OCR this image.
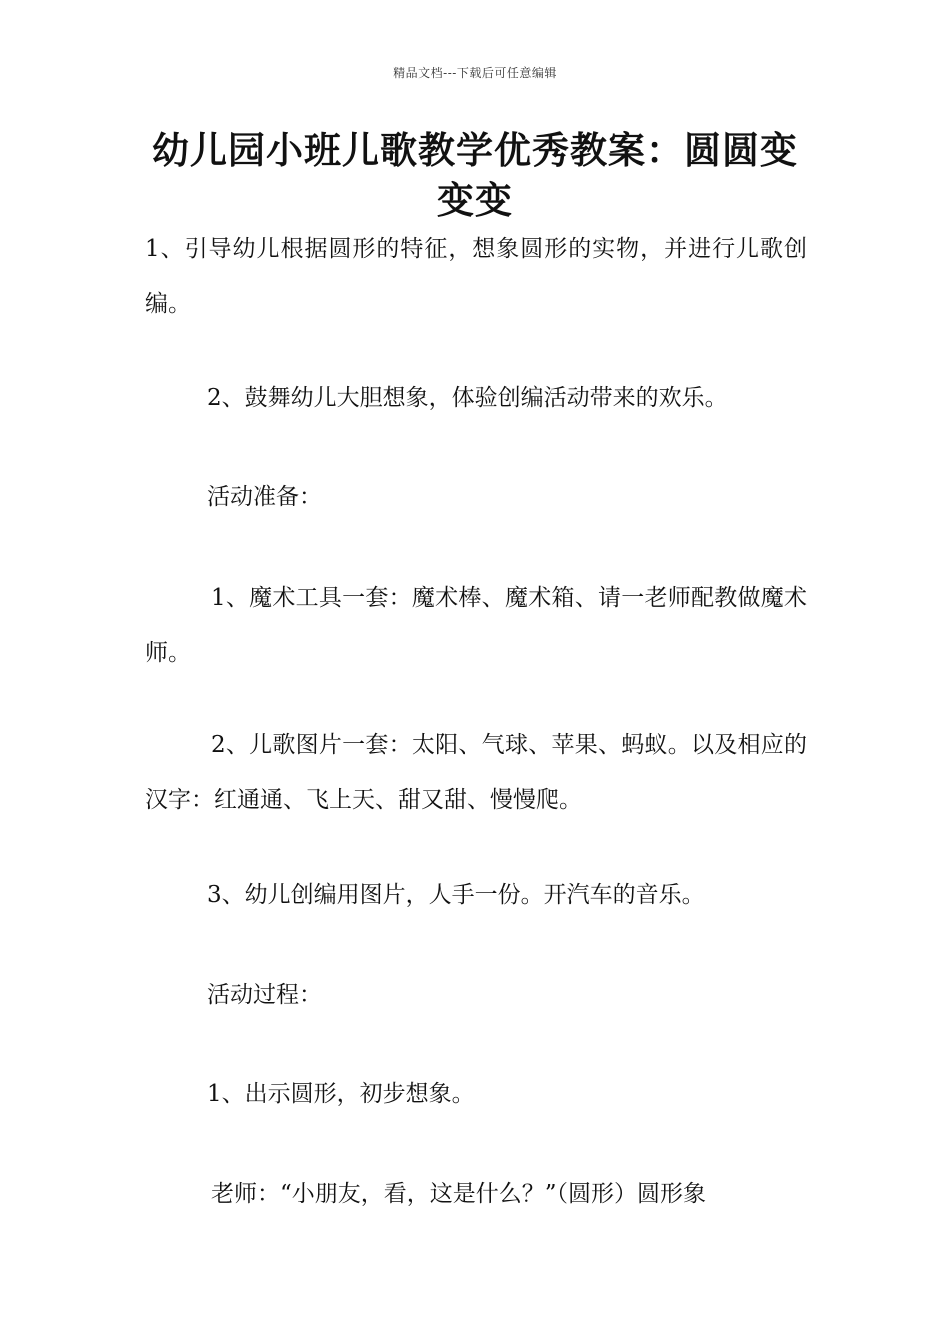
精品文档---下载后可任意编辑
幼儿园小班儿歌教学优秀教案：圆圆变变变
1、引导幼儿根据圆形的特征，想象圆形的实物，并进行儿歌创编。
2、鼓舞幼儿大胆想象，体验创编活动带来的欢乐。
活动准备：
1、魔术工具一套：魔术棒、魔术箱、请一老师配教做魔术师。
2、儿歌图片一套：太阳、气球、苹果、蚂蚁。以及相应的汉字：红通通、飞上天、甜又甜、慢慢爬。
3、幼儿创编用图片，人手一份。开汽车的音乐。
活动过程：
1、出示圆形，初步想象。
老师：“小朋友，看，这是什么？”（圆形）圆形象
